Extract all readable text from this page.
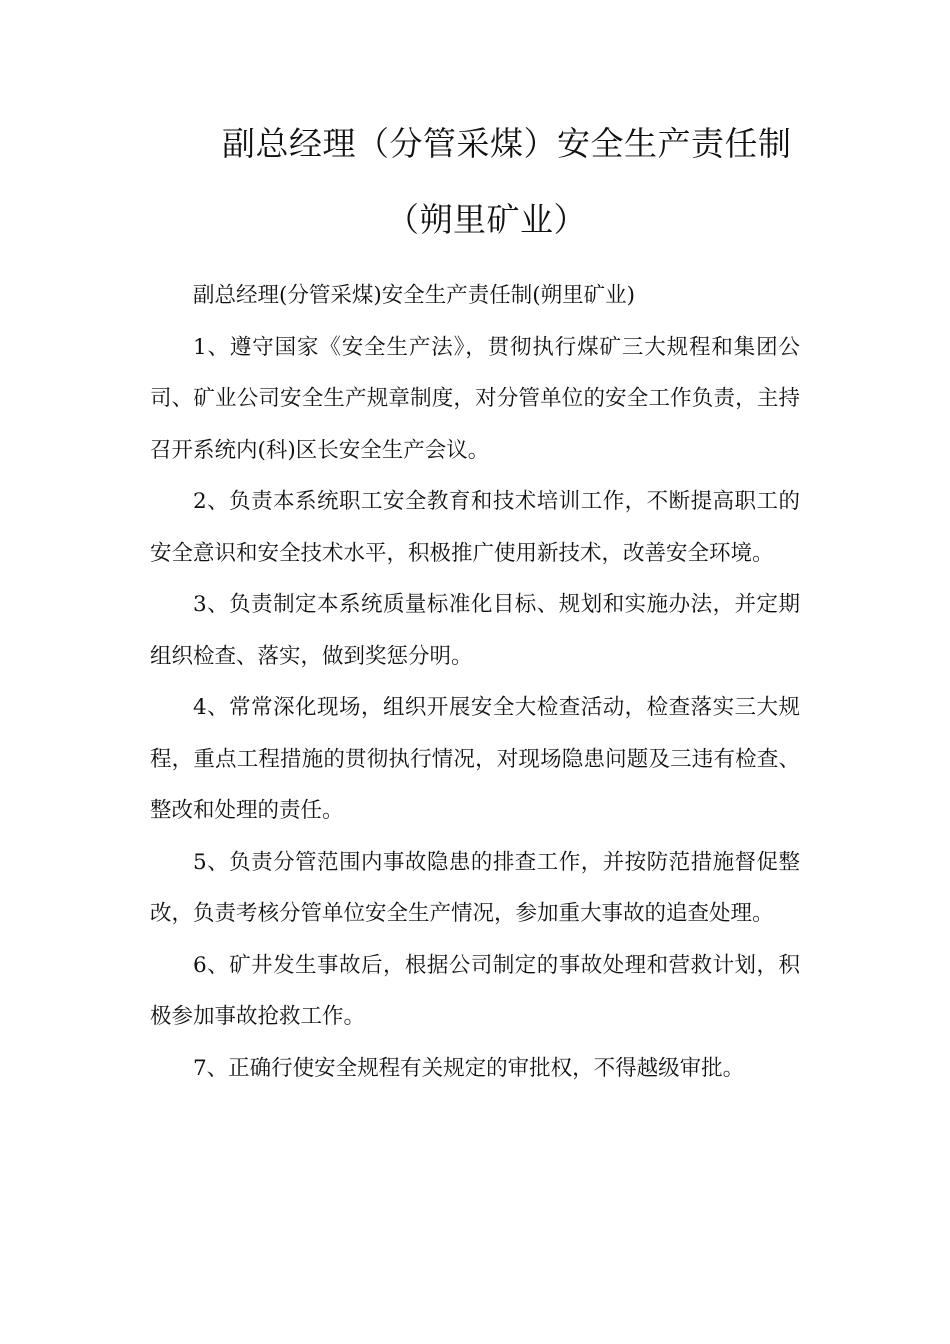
副总经理（分管采煤）安全生产责任制
（朔里矿业）

副总经理(分管采煤)安全生产责任制(朔里矿业)

1、遵守国家《安全生产法》，贯彻执行煤矿三大规程和集团公司、矿业公司安全生产规章制度，对分管单位的安全工作负责，主持召开系统内(科)区长安全生产会议。

2、负责本系统职工安全教育和技术培训工作，不断提高职工的安全意识和安全技术水平，积极推广使用新技术，改善安全环境。

3、负责制定本系统质量标准化目标、规划和实施办法，并定期组织检查、落实，做到奖惩分明。

4、常常深化现场，组织开展安全大检查活动，检查落实三大规程，重点工程措施的贯彻执行情况，对现场隐患问题及三违有检查、整改和处理的责任。

5、负责分管范围内事故隐患的排查工作，并按防范措施督促整改，负责考核分管单位安全生产情况，参加重大事故的追查处理。

6、矿井发生事故后，根据公司制定的事故处理和营救计划，积极参加事故抢救工作。

7、正确行使安全规程有关规定的审批权，不得越级审批。
